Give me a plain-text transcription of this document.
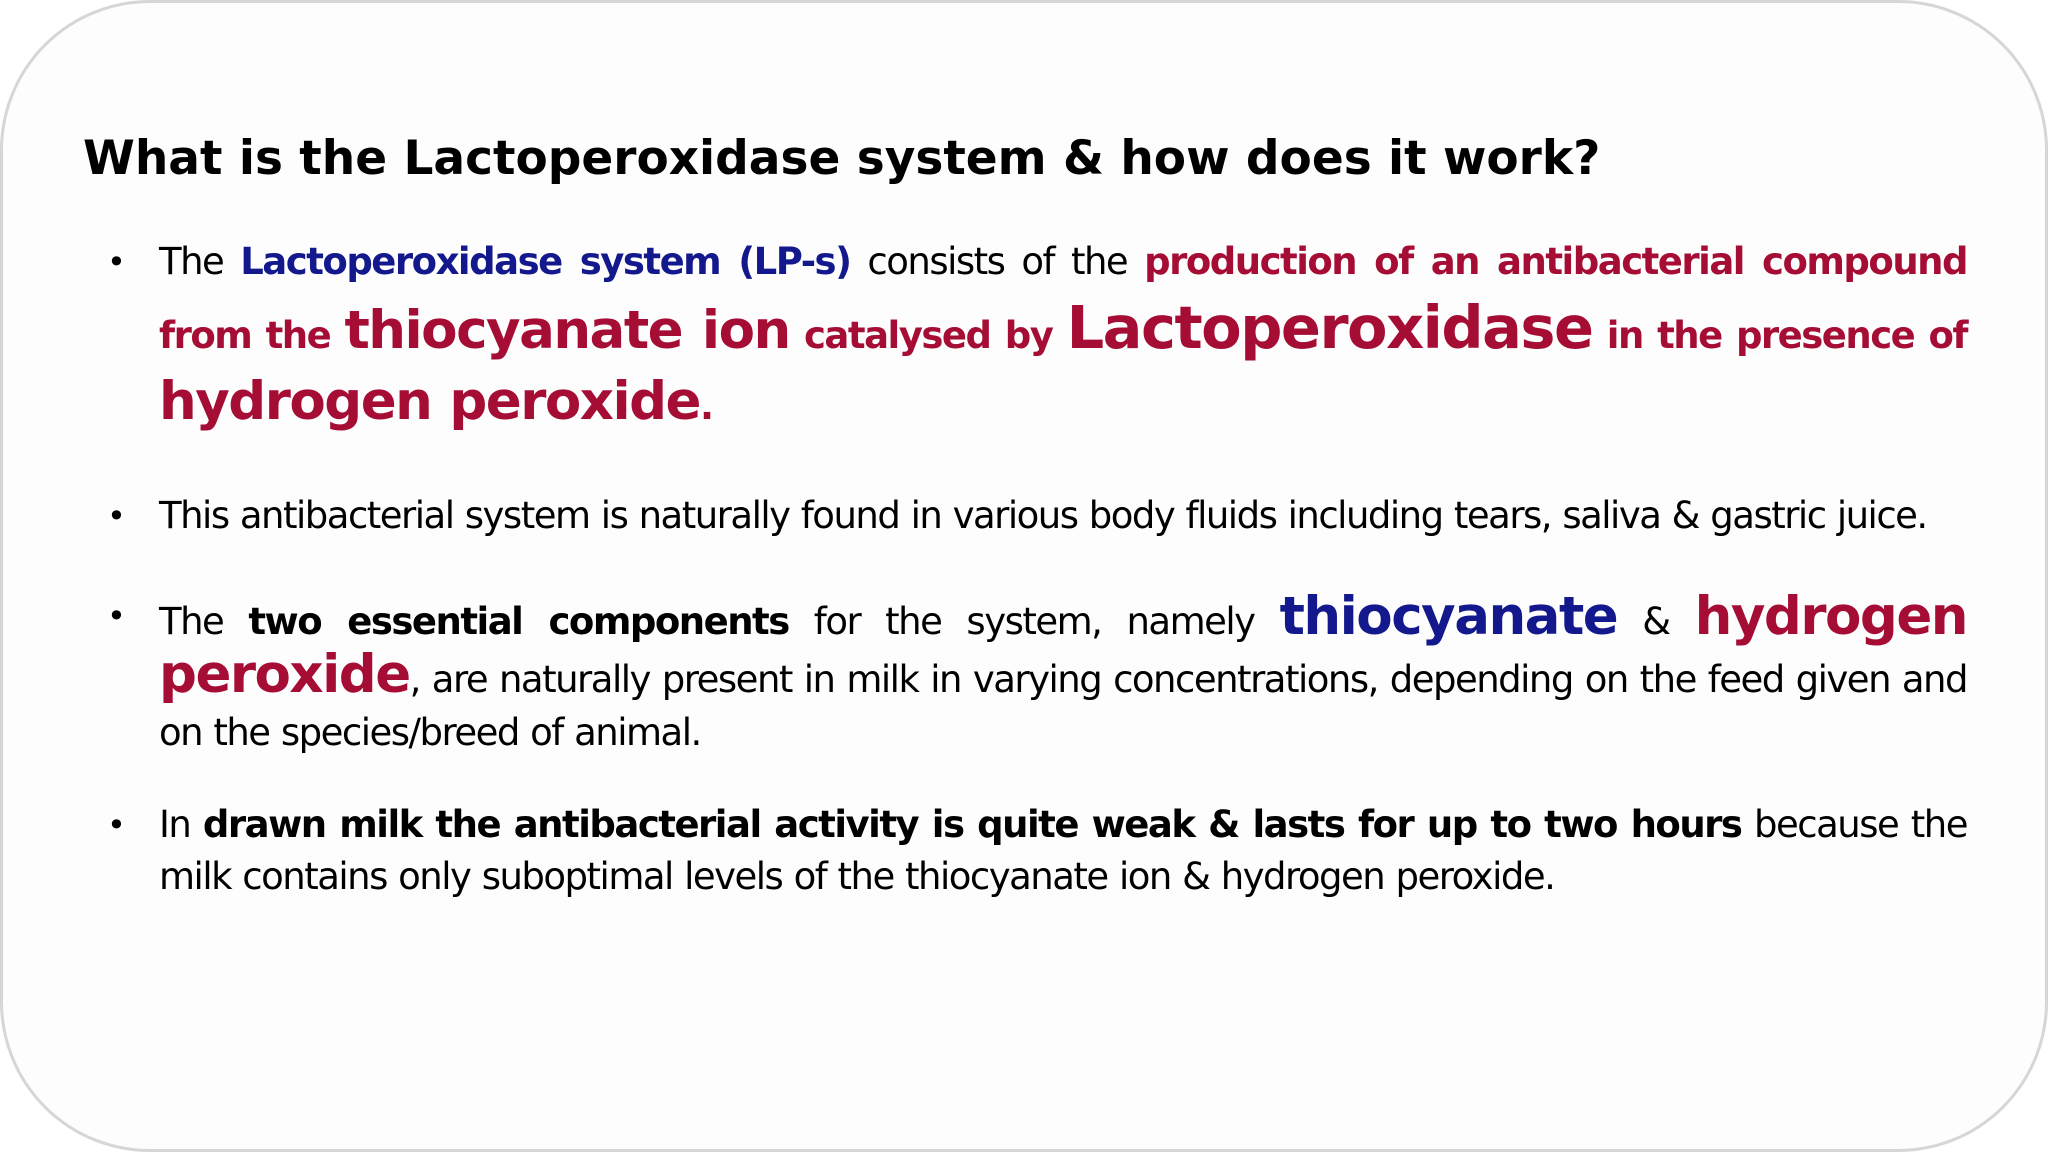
What is the Lactoperoxidase system & how does it work?
• The Lactoperoxidase system (LP-s) consists of the production of an antibacterial compound from the thiocyanate ion catalysed by Lactoperoxidase in the presence of hydrogen peroxide.
• This antibacterial system is naturally found in various body fluids including tears, saliva & gastric juice.
• The two essential components for the system, namely thiocyanate & hydrogen peroxide, are naturally present in milk in varying concentrations, depending on the feed given and on the species/breed of animal.
• In drawn milk the antibacterial activity is quite weak & lasts for up to two hours because the milk contains only suboptimal levels of the thiocyanate ion & hydrogen peroxide.
